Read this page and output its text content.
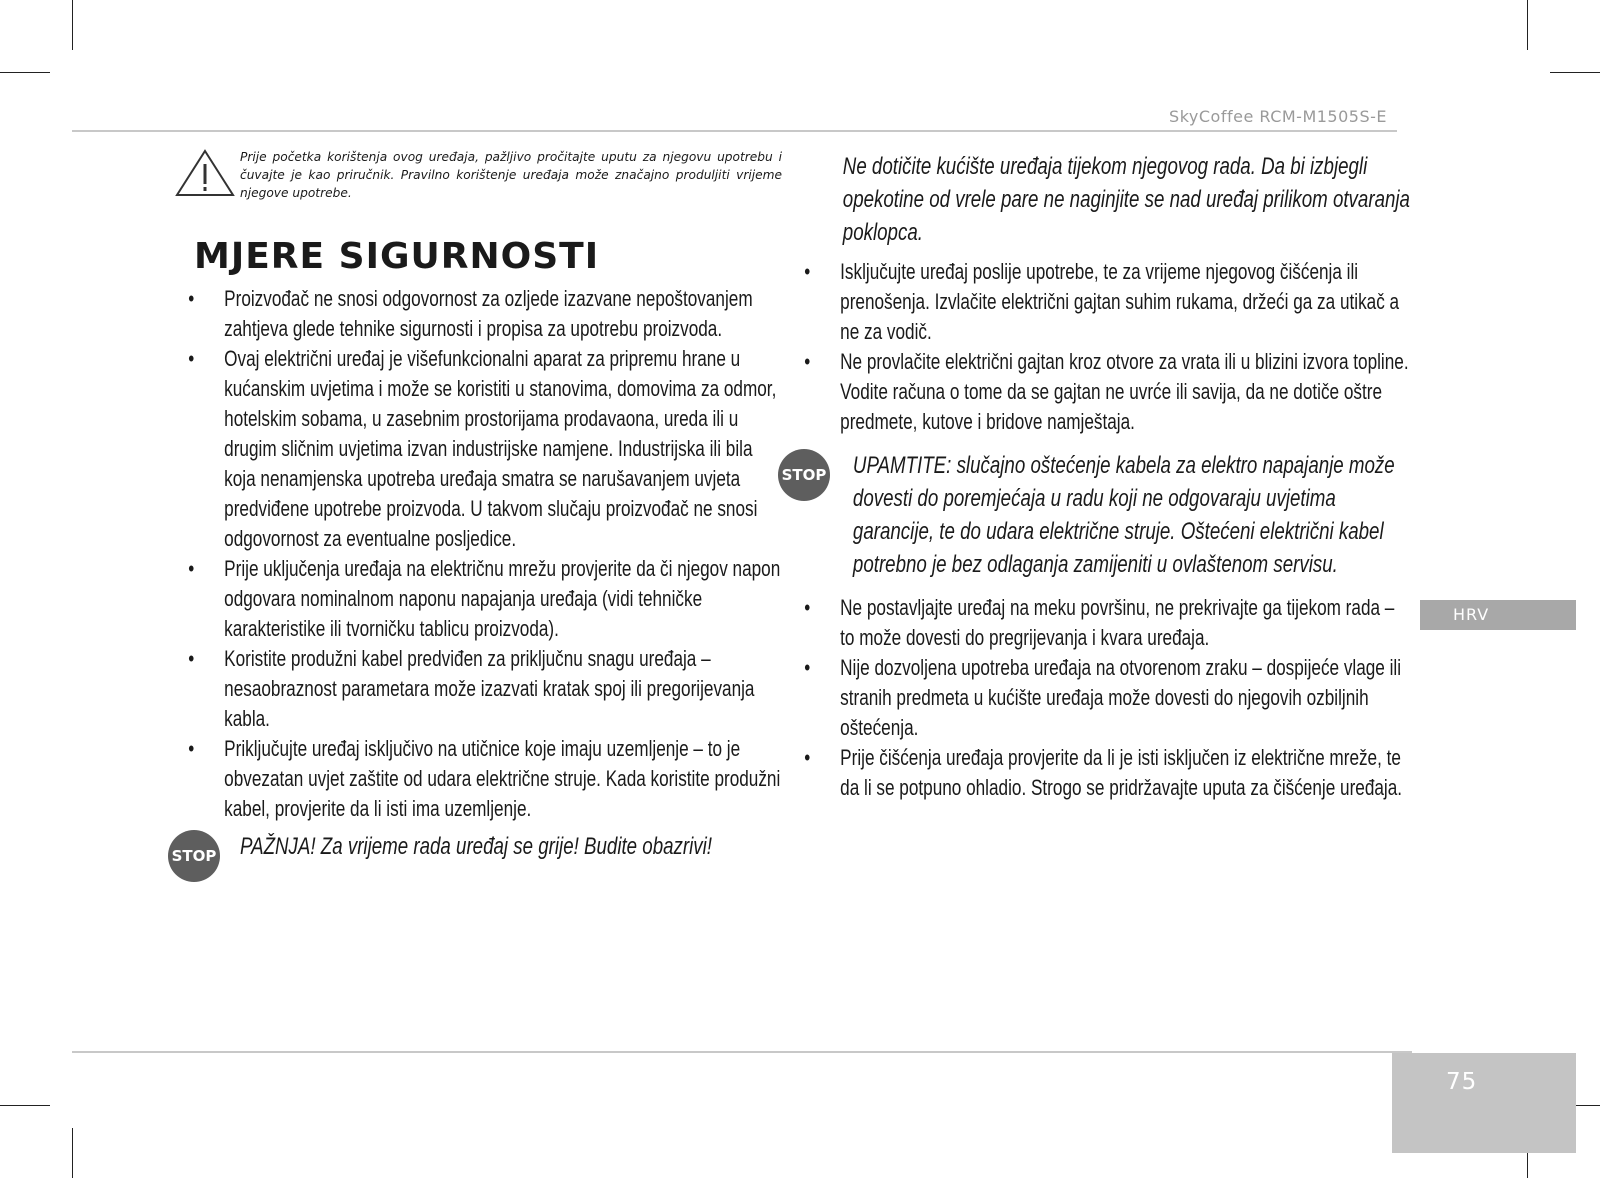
SkyCoffee RCM-M1505S-E
HRV
75

Prije početka korištenja ovog uređaja, pažljivo pročitajte uputu za njegovu upotrebu i čuvajte je kao priručnik. Pravilno korištenje uređaja može značajno produljiti vrijeme njegove upotrebe.

MJERE SIGURNOSTI
• Proizvođač ne snosi odgovornost za ozljede izazvane nepoštovanjem zahtjeva glede tehnike sigurnosti i propisa za upotrebu proizvoda.
• Ovaj električni uređaj je višefunkcionalni aparat za pripremu hrane u kućanskim uvjetima i može se koristiti u stanovima, domovima za odmor, hotelskim sobama, u zasebnim prostorijama prodavaona, ureda ili u drugim sličnim uvjetima izvan industrijske namjene. Industrijska ili bila koja nenamjenska upotreba uređaja smatra se narušavanjem uvjeta predviđene upotrebe proizvoda. U takvom slučaju proizvođač ne snosi odgovornost za eventualne posljedice.
• Prije uključenja uređaja na električnu mrežu provjerite da či njegov napon odgovara nominalnom naponu napajanja uređaja (vidi tehničke karakteristike ili tvorničku tablicu proizvoda).
• Koristite produžni kabel predviđen za priključnu snagu uređaja – nesaobraznost parametara može izazvati kratak spoj ili pregorijevanja kabla.
• Priključujte uređaj isključivo na utičnice koje imaju uzemljenje – to je obvezatan uvjet zaštite od udara električne struje. Kada koristite produžni kabel, provjerite da li isti ima uzemljenje.
STOP PAŽNJA! Za vrijeme rada uređaj se grije! Budite obazrivi!
Ne dotičite kućište uređaja tijekom njegovog rada. Da bi izbjegli opekotine od vrele pare ne naginjite se nad uređaj prilikom otvaranja poklopca.
• Isključujte uređaj poslije upotrebe, te za vrijeme njegovog čišćenja ili prenošenja. Izvlačite električni gajtan suhim rukama, držeći ga za utikač a ne za vodič.
• Ne provlačite električni gajtan kroz otvore za vrata ili u blizini izvora topline. Vodite računa o tome da se gajtan ne uvrće ili savija, da ne dotiče oštre predmete, kutove i bridove namještaja.
STOP	UPAMTITE: slučajno oštećenje kabela za elektro napajanje može dovesti do poremjećaja u radu koji ne odgovaraju uvjetima garancije, te do udara električne struje. Oštećeni električni kabel potrebno je bez odlaganja zamijeniti u ovlaštenom servisu.
• Ne postavljajte uređaj na meku površinu, ne prekrivajte ga tijekom rada – to može dovesti do pregrijevanja i kvara uređaja.
• Nije dozvoljena upotreba uređaja na otvorenom zraku – dospijeće vlage ili stranih predmeta u kućište uređaja može dovesti do njegovih ozbiljnih oštećenja.
• Prije čišćenja uređaja provjerite da li je isti isključen iz električne mreže, te da li se potpuno ohladio. Strogo se pridržavajte uputa za čišćenje uređaja.
